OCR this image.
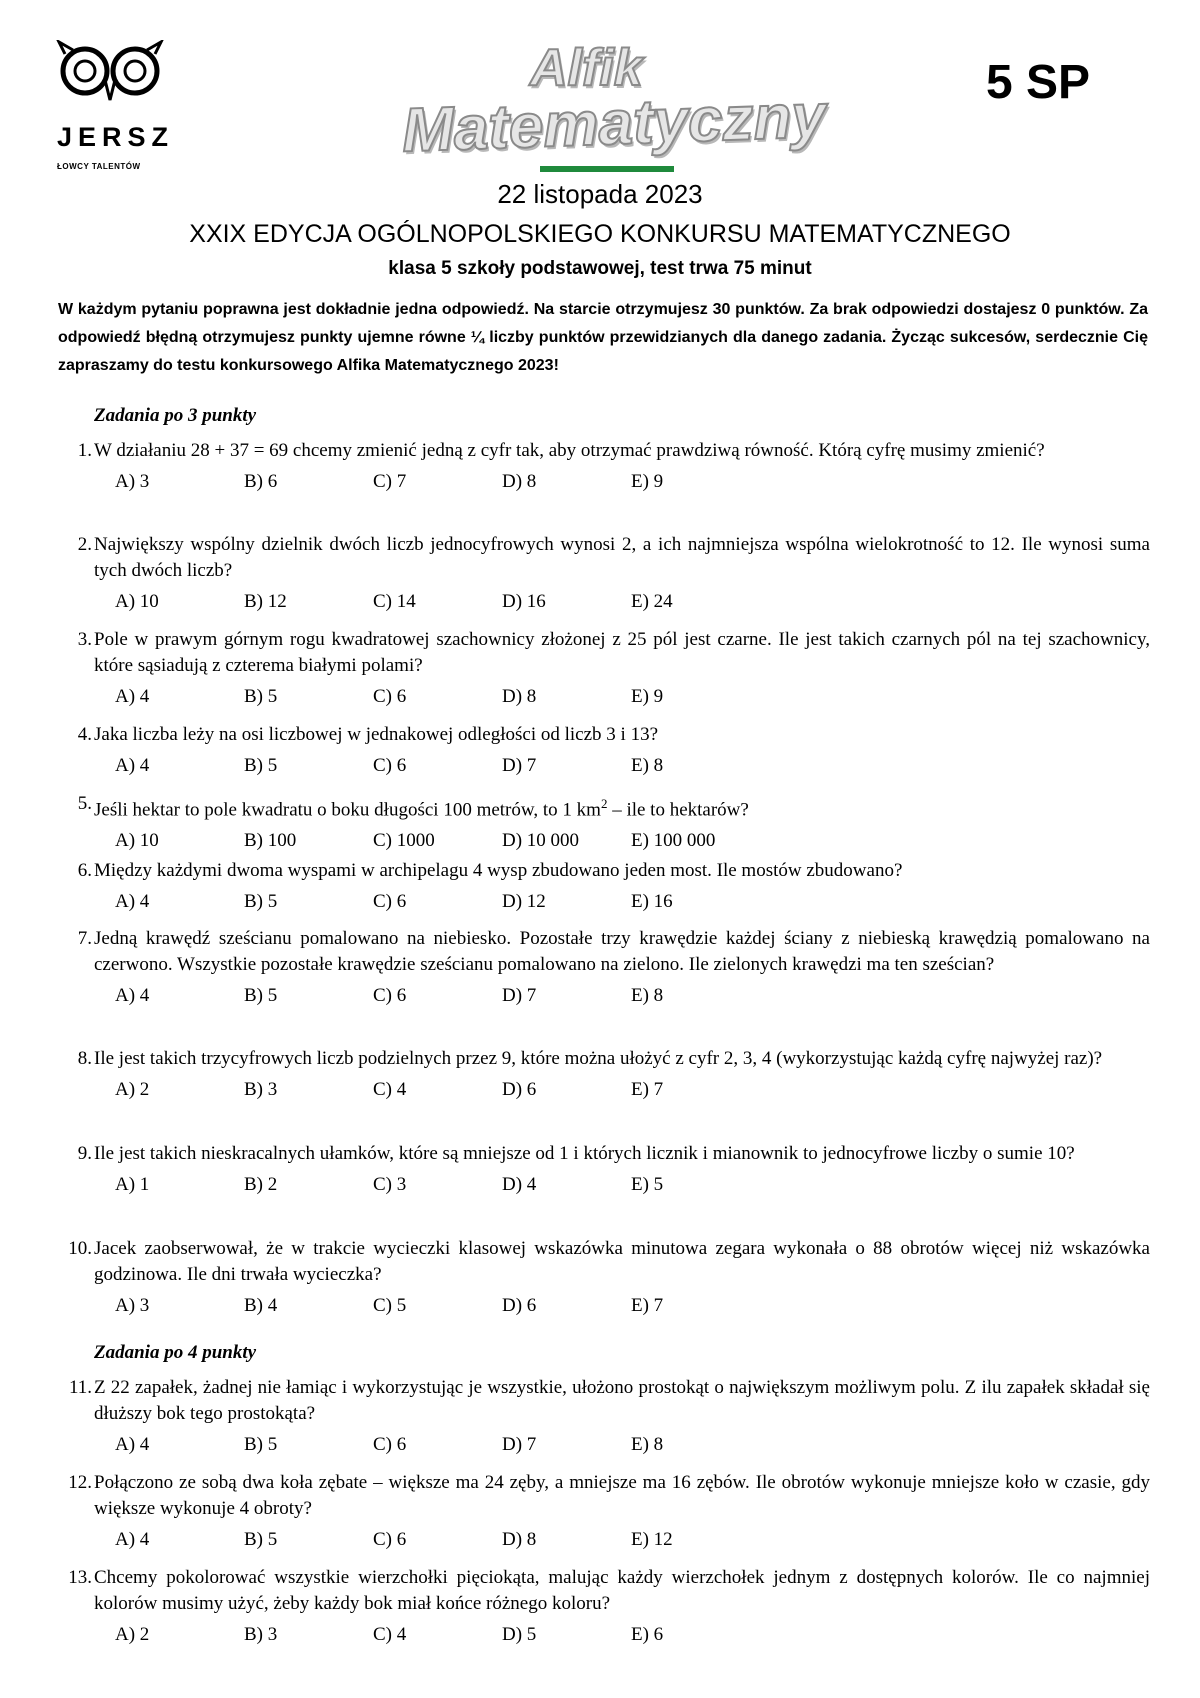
JERSZ
ŁOWCY TALENTÓW
Alfik
Matematyczny	5 SP
22 listopada 2023
XXIX EDYCJA OGÓLNOPOLSKIEGO KONKURSU MATEMATYCZNEGO
klasa 5 szkoły podstawowej, test trwa 75 minut
W każdym pytaniu poprawna jest dokładnie jedna odpowiedź. Na starcie otrzymujesz 30 punktów. Za brak odpowiedzi dostajesz 0 punktów. Za odpowiedź błędną otrzymujesz punkty ujemne równe ¼ liczby punktów przewidzianych dla danego zadania. Życząc sukcesów, serdecznie Cię zapraszamy do testu konkursowego Alfika Matematycznego 2023!
Zadania po 3 punkty
1. W działaniu 28 + 37 = 69 chcemy zmienić jedną z cyfr tak, aby otrzymać prawdziwą równość. Którą cyfrę musimy zmienić?
A) 3	B) 6	C) 7	D) 8	E) 9
2. Największy wspólny dzielnik dwóch liczb jednocyfrowych wynosi 2, a ich najmniejsza wspólna wielokrotność to 12. Ile wynosi suma tych dwóch liczb?
A) 10	B) 12	C) 14	D) 16	E) 24
3. Pole w prawym górnym rogu kwadratowej szachownicy złożonej z 25 pól jest czarne. Ile jest takich czarnych pól na tej szachownicy, które sąsiadują z czterema białymi polami?
A) 4	B) 5	C) 6	D) 8	E) 9
4. Jaka liczba leży na osi liczbowej w jednakowej odległości od liczb 3 i 13?
A) 4	B) 5	C) 6	D) 7	E) 8
5. Jeśli hektar to pole kwadratu o boku długości 100 metrów, to 1 $km^2$ – ile to hektarów?
A) 10	B) 100	C) 1000	D) 10 000	E) 100 000
6. Między każdymi dwoma wyspami w archipelagu 4 wysp zbudowano jeden most. Ile mostów zbudowano?
A) 4	B) 5	C) 6	D) 12	E) 16
7. Jedną krawędź sześcianu pomalowano na niebiesko. Pozostałe trzy krawędzie każdej ściany z niebieską krawędzią pomalowano na czerwono. Wszystkie pozostałe krawędzie sześcianu pomalowano na zielono. Ile zielonych krawędzi ma ten sześcian?
A) 4	B) 5	C) 6	D) 7	E) 8
8. Ile jest takich trzycyfrowych liczb podzielnych przez 9, które można ułożyć z cyfr 2, 3, 4 (wykorzystując każdą cyfrę najwyżej raz)?
A) 2	B) 3	C) 4	D) 6	E) 7
9. Ile jest takich nieskracalnych ułamków, które są mniejsze od 1 i których licznik i mianownik to jednocyfrowe liczby o sumie 10?
A) 1	B) 2	C) 3	D) 4	E) 5
10. Jacek zaobserwował, że w trakcie wycieczki klasowej wskazówka minutowa zegara wykonała o 88 obrotów więcej niż wskazówka godzinowa. Ile dni trwała wycieczka?
A) 3	B) 4	C) 5	D) 6	E) 7
Zadania po 4 punkty
11. Z 22 zapałek, żadnej nie łamiąc i wykorzystując je wszystkie, ułożono prostokąt o największym możliwym polu. Z ilu zapałek składał się dłuższy bok tego prostokąta?
A) 4	B) 5	C) 6	D) 7	E) 8
12. Połączono ze sobą dwa koła zębate – większe ma 24 zęby, a mniejsze ma 16 zębów. Ile obrotów wykonuje mniejsze koło w czasie, gdy większe wykonuje 4 obroty?
A) 4	B) 5	C) 6	D) 8	E) 12
13. Chcemy pokolorować wszystkie wierzchołki pięciokąta, malując każdy wierzchołek jednym z dostępnych kolorów. Ile co najmniej kolorów musimy użyć, żeby każdy bok miał końce różnego koloru?
A) 2	B) 3	C) 4	D) 5	E) 6
